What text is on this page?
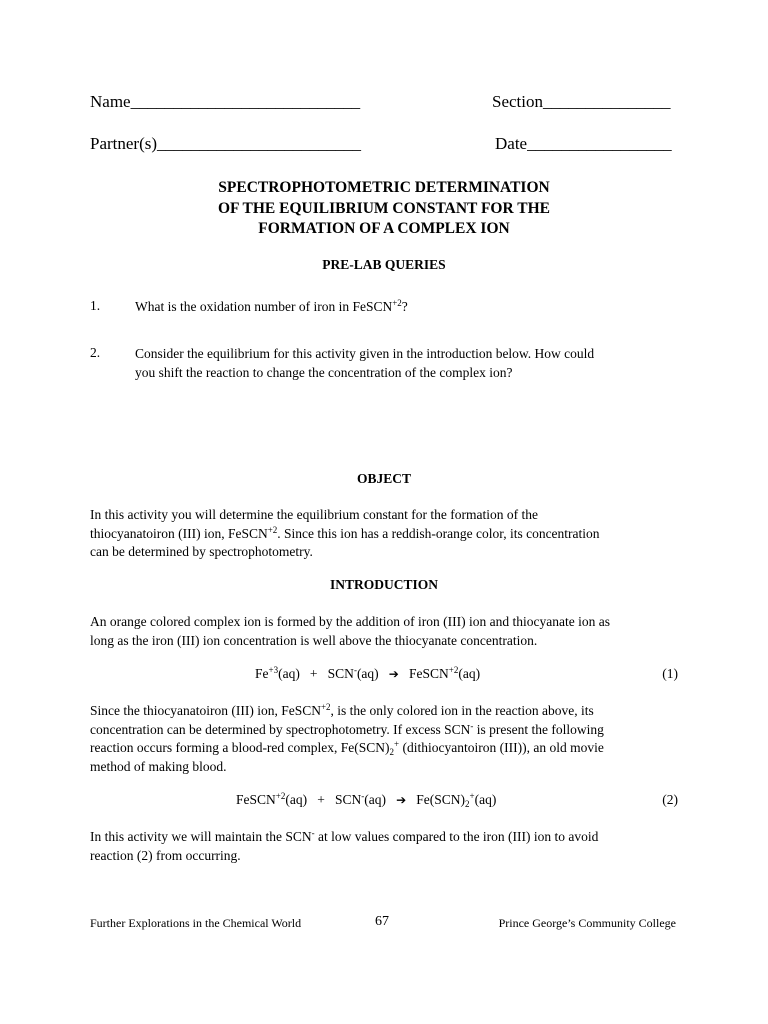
Name___________________________	Section_______________
Partner(s)________________________	Date_________________
SPECTROPHOTOMETRIC DETERMINATION
OF THE EQUILIBRIUM CONSTANT FOR THE
FORMATION OF A COMPLEX ION
PRE-LAB QUERIES
1.	What is the oxidation number of iron in FeSCN$^{+2}$?
2.	Consider the equilibrium for this activity given in the introduction below. How could
you shift the reaction to change the concentration of the complex ion?
OBJECT
In this activity you will determine the equilibrium constant for the formation of the
thiocyanatoiron (III) ion, FeSCN$^{+2}$. Since this ion has a reddish-orange color, its concentration
can be determined by spectrophotometry.
INTRODUCTION
An orange colored complex ion is formed by the addition of iron (III) ion and thiocyanate ion as
long as the iron (III) ion concentration is well above the thiocyanate concentration.
$Fe^{+3}(aq) + SCN^-(aq)$   ➔   FeSCN$^{+2}$(aq)	(1)
Since the thiocyanatoiron (III) ion, FeSCN$^{+2}$, is the only colored ion in the reaction above, its
concentration can be determined by spectrophotometry. If excess SCN- is present the following
reaction occurs forming a blood-red complex, $Fe(SCN)_2^+$ (dithiocyantoiron (III)), an old movie
method of making blood.
FeSCN$^{+2}$(aq)   +   SCN-(aq)   ➔   $Fe(SCN)_2^+(aq)$	(2)
In this activity we will maintain the SCN- at low values compared to the iron (III) ion to avoid
reaction (2) from occurring.
Further Explorations in the Chemical World	67	Prince George’s Community College
